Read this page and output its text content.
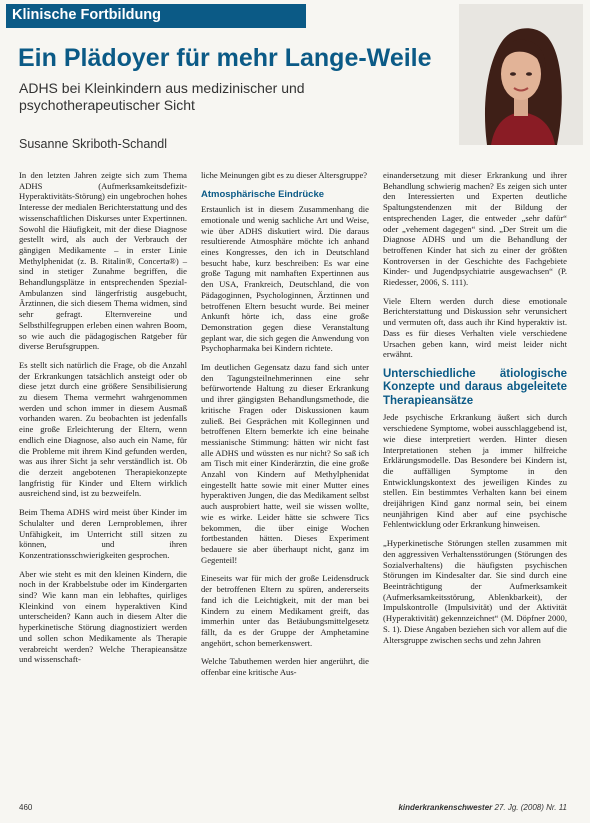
Klinische Fortbildung
Ein Plädoyer für mehr Lange-Weile
ADHS bei Kleinkindern aus medizinischer und psychotherapeutischer Sicht
Susanne Skriboth-Schandl

In den letzten Jahren zeigte sich zum Thema ADHS (Aufmerksamkeitsdefizit-Hyperaktivitäts-Störung) ein ungebrochen hohes Interesse der medialen Berichterstattung und des wissenschaftlichen Diskurses unter Expertinnen. Sowohl die Häufigkeit, mit der diese Diagnose gestellt wird, als auch der Verbrauch der gängigen Medikamente – in erster Linie Methylphenidat (z. B. Ritalin®, Concerta®) – sind in stetiger Zunahme begriffen, die Behandlungsplätze in entsprechenden Spezial-Ambulanzen sind längerfristig ausgebucht, Ärztinnen, die sich diesem Thema widmen, sind sehr gefragt. Elternvereine und Selbsthilfegruppen erleben einen wahren Boom, so wie auch die pädagogischen Ratgeber für diverse Berufsgruppen.

Es stellt sich natürlich die Frage, ob die Anzahl der Erkrankungen tatsächlich ansteigt oder ob diese jetzt durch eine größere Sensibilisierung zu diesem Thema vermehrt wahrgenommen werden und schon immer in diesem Ausmaß vorhanden waren. Zu beobachten ist jedenfalls eine große Erleichterung der Eltern, wenn endlich eine Diagnose, also auch ein Name, für die Probleme mit ihrem Kind gefunden werden, was aus ihrer Sicht ja sehr verständlich ist. Ob die derzeit angebotenen Therapiekonzepte langfristig für Kinder und Eltern wirklich ausreichend sind, ist zu bezweifeln.

Beim Thema ADHS wird meist über Kinder im Schulalter und deren Lernproblemen, ihrer Unfähigkeit, im Unterricht still sitzen zu können, und ihren Konzentrationsschwierigkeiten gesprochen.

Aber wie steht es mit den kleinen Kindern, die noch in der Krabbelstube oder im Kindergarten sind? Wie kann man ein lebhaftes, quirliges Kleinkind von einem hyperaktiven Kind unterscheiden? Kann auch in diesem Alter die hyperkinetische Störung diagnostiziert werden und sollen schon Medikamente als Therapie verabreicht werden? Welche Therapieansätze und wissenschaft-

liche Meinungen gibt es zu dieser Altersgruppe?

Atmosphärische Eindrücke

Erstaunlich ist in diesem Zusammenhang die emotionale und wenig sachliche Art und Weise, wie über ADHS diskutiert wird. Die daraus resultierende Atmosphäre möchte ich anhand eines Kongresses, den ich in Deutschland besucht habe, kurz beschreiben: Es war eine große Tagung mit namhaften Expertinnen aus den USA, Frankreich, Deutschland, die von Pädagoginnen, Psychologinnen, Ärztinnen und betroffenen Eltern besucht wurde. Bei meiner Ankunft hörte ich, dass eine große Demonstration gegen diese Veranstaltung geplant war, die sich gegen die Anwendung von Psychopharmaka bei Kindern richtete.

Im deutlichen Gegensatz dazu fand sich unter den Tagungsteilnehmerinnen eine sehr befürwortende Haltung zu dieser Erkrankung und ihrer gängigsten Behandlungsmethode, die kritische Fragen oder Diskussionen kaum zuließ. Bei Gesprächen mit Kolleginnen und betroffenen Eltern bemerkte ich eine beinahe messianische Stimmung: hätten wir nicht fast alle ADHS und wüssten es nur nicht? So saß ich am Tisch mit einer Kinderärztin, die eine große Anzahl von Kindern auf Methylphenidat eingestellt hatte sowie mit einer Mutter eines hyperaktiven Jungen, die das Medikament selbst auch ausprobiert hatte, weil sie wissen wollte, wie es wirke. Leider hätte sie schwere Tics bekommen, die über einige Wochen fortbestanden hätten. Dieses Experiment bedauere sie aber überhaupt nicht, ganz im Gegenteil!

Eineseits war für mich der große Leidensdruck der betroffenen Eltern zu spüren, andererseits fand ich die Leichtigkeit, mit der man bei Kindern zu einem Medikament greift, das immerhin unter das Betäubungsmittelgesetz fällt, da es der Gruppe der Amphetamine angehört, schon bemerkenswert.

Welche Tabuthemen werden hier angerührt, die offenbar eine kritische Aus-

einandersetzung mit dieser Erkrankung und ihrer Behandlung schwierig machen? Es zeigen sich unter den Interessierten und Experten deutliche Spaltungstendenzen mit der Bildung der entsprechenden Lager, die entweder „sehr dafür“ oder „vehement dagegen“ sind. „Der Streit um die Diagnose ADHS und um die Behandlung der betroffenen Kinder hat sich zu einer der größten Kontroversen in der Geschichte des Fachgebiete Kinder- und Jugendpsychiatrie ausgewachsen“ (P. Riedesser, 2006, S. 111).

Viele Eltern werden durch diese emotionale Berichterstattung und Diskussion sehr verunsichert und vermuten oft, dass auch ihr Kind hyperaktiv ist. Dass es für dieses Verhalten viele verschiedene Ursachen geben kann, wird meist leider nicht erwähnt.

Unterschiedliche ätiologische Konzepte und daraus abgeleitete Therapieansätze

Jede psychische Erkrankung äußert sich durch verschiedene Symptome, wobei ausschlaggebend ist, wie diese interpretiert werden. Hinter diesen Interpretationen stehen ja immer hilfreiche Erklärungsmodelle. Das Besondere bei Kindern ist, die auffälligen Symptome in den Entwicklungskontext des jeweiligen Kindes zu stellen. Ein bestimmtes Verhalten kann bei einem dreijährigen Kind ganz normal sein, bei einem neunjährigen Kind aber auf eine psychische Fehlentwicklung oder Erkrankung hinweisen.

„Hyperkinetische Störungen stellen zusammen mit den aggressiven Verhaltensstörungen (Störungen des Sozialverhaltens) die häufigsten psychischen Störungen im Kindesalter dar. Sie sind durch eine Beeinträchtigung der Aufmerksamkeit (Aufmerksamkeitsstörung, Ablenkbarkeit), der Impulskontrolle (Impulsivität) und der Aktivität (Hyperaktivität) gekennzeichnet“ (M. Döpfner 2000, S. 1). Diese Angaben beziehen sich vor allem auf die Altersgruppe zwischen sechs und zehn Jahren

460	kinderkrankenschwester 27. Jg. (2008) Nr. 11
